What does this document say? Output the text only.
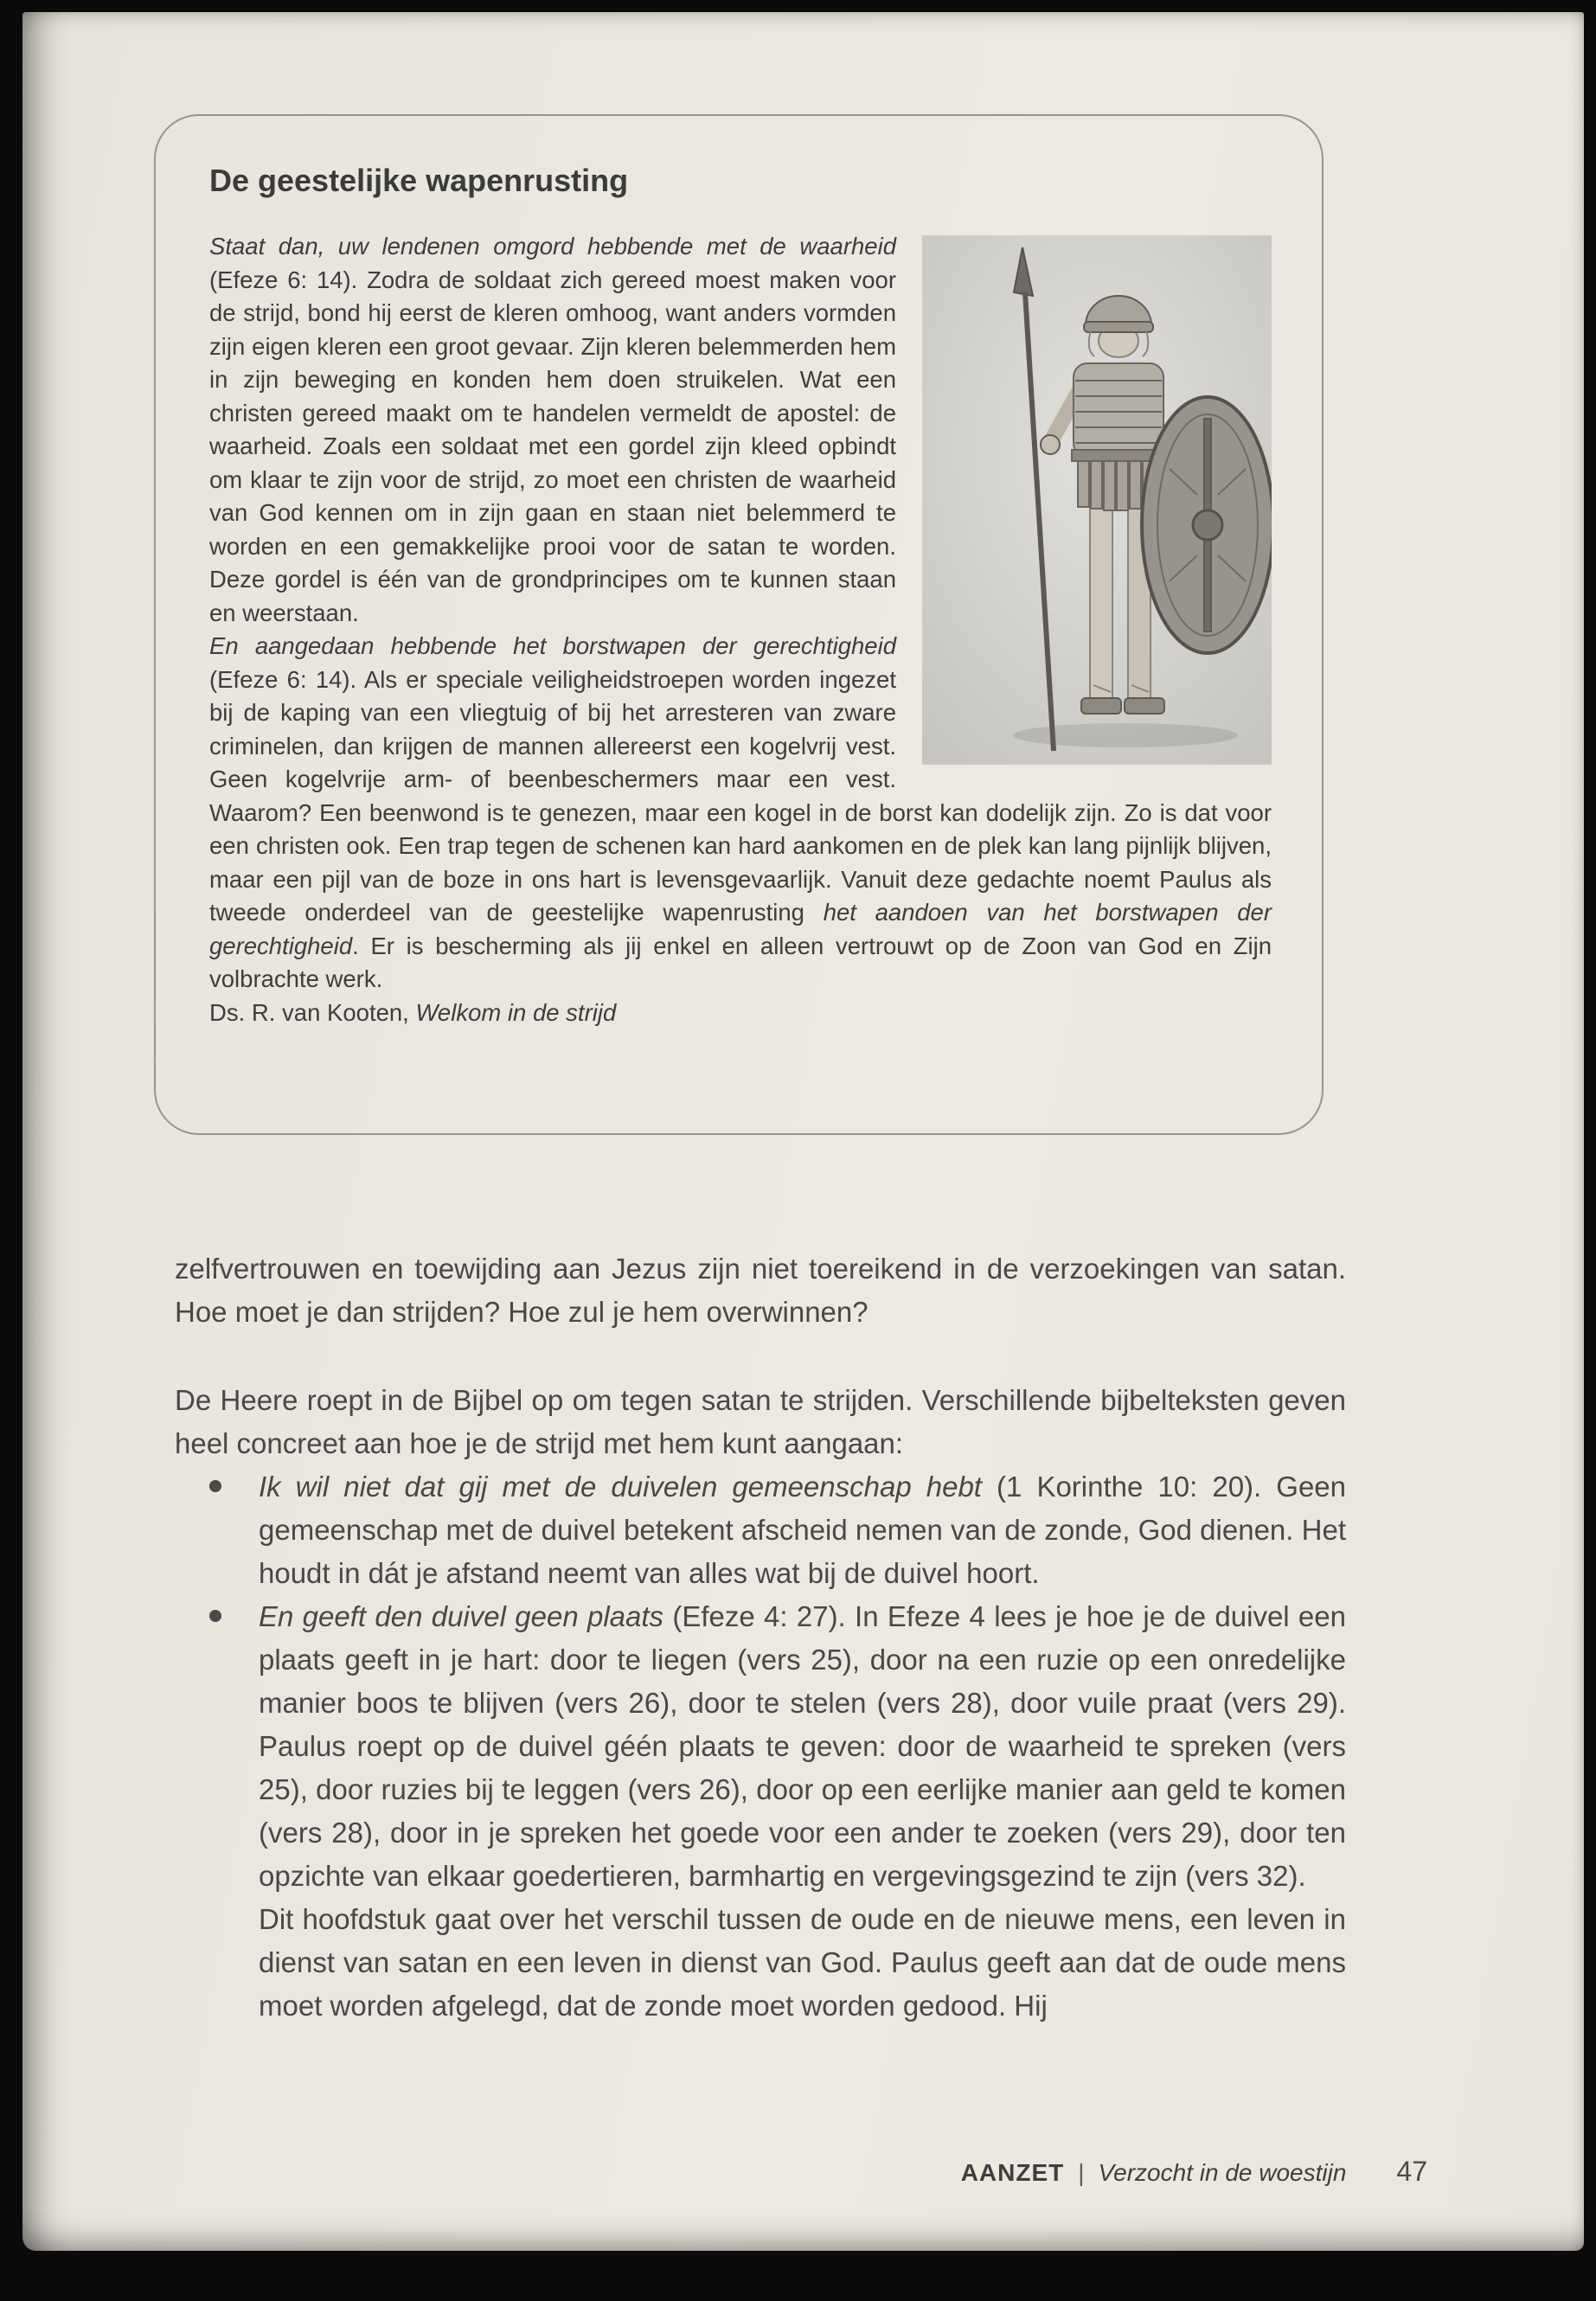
De geestelijke wapenrusting

Staat dan, uw lendenen omgord hebbende met de waarheid (Efeze 6: 14). Zodra de soldaat zich gereed moest maken voor de strijd, bond hij eerst de kleren omhoog, want anders vormden zijn eigen kleren een groot gevaar. Zijn kleren belemmerden hem in zijn beweging en konden hem doen struikelen. Wat een christen gereed maakt om te handelen vermeldt de apostel: de waarheid. Zoals een soldaat met een gordel zijn kleed opbindt om klaar te zijn voor de strijd, zo moet een christen de waarheid van God kennen om in zijn gaan en staan niet belemmerd te worden en een gemakkelijke prooi voor de satan te worden. Deze gordel is één van de grondprincipes om te kunnen staan en weerstaan.

En aangedaan hebbende het borstwapen der gerechtigheid (Efeze 6: 14). Als er speciale veiligheidstroepen worden ingezet bij de kaping van een vliegtuig of bij het arresteren van zware criminelen, dan krijgen de mannen allereerst een kogelvrij vest. Geen kogelvrije arm- of beenbeschermers maar een vest. Waarom? Een beenwond is te genezen, maar een kogel in de borst kan dodelijk zijn. Zo is dat voor een christen ook. Een trap tegen de schenen kan hard aankomen en de plek kan lang pijnlijk blijven, maar een pijl van de boze in ons hart is levensgevaarlijk. Vanuit deze gedachte noemt Paulus als tweede onderdeel van de geestelijke wapenrusting het aandoen van het borstwapen der gerechtigheid. Er is bescherming als jij enkel en alleen vertrouwt op de Zoon van God en Zijn volbrachte werk.

Ds. R. van Kooten, Welkom in de strijd

zelfvertrouwen en toewijding aan Jezus zijn niet toereikend in de verzoekingen van satan. Hoe moet je dan strijden? Hoe zul je hem overwinnen?

De Heere roept in de Bijbel op om tegen satan te strijden. Verschillende bijbelteksten geven heel concreet aan hoe je de strijd met hem kunt aangaan:

Ik wil niet dat gij met de duivelen gemeenschap hebt (1 Korinthe 10: 20). Geen gemeenschap met de duivel betekent afscheid nemen van de zonde, God dienen. Het houdt in dát je afstand neemt van alles wat bij de duivel hoort.
En geeft den duivel geen plaats (Efeze 4: 27). In Efeze 4 lees je hoe je de duivel een plaats geeft in je hart: door te liegen (vers 25), door na een ruzie op een onredelijke manier boos te blijven (vers 26), door te stelen (vers 28), door vuile praat (vers 29). Paulus roept op de duivel géén plaats te geven: door de waarheid te spreken (vers 25), door ruzies bij te leggen (vers 26), door op een eerlijke manier aan geld te komen (vers 28), door in je spreken het goede voor een ander te zoeken (vers 29), door ten opzichte van elkaar goedertieren, barmhartig en vergevingsgezind te zijn (vers 32).

Dit hoofdstuk gaat over het verschil tussen de oude en de nieuwe mens, een leven in dienst van satan en een leven in dienst van God. Paulus geeft aan dat de oude mens moet worden afgelegd, dat de zonde moet worden gedood. Hij

AANZET | Verzocht in de woestijn 47
